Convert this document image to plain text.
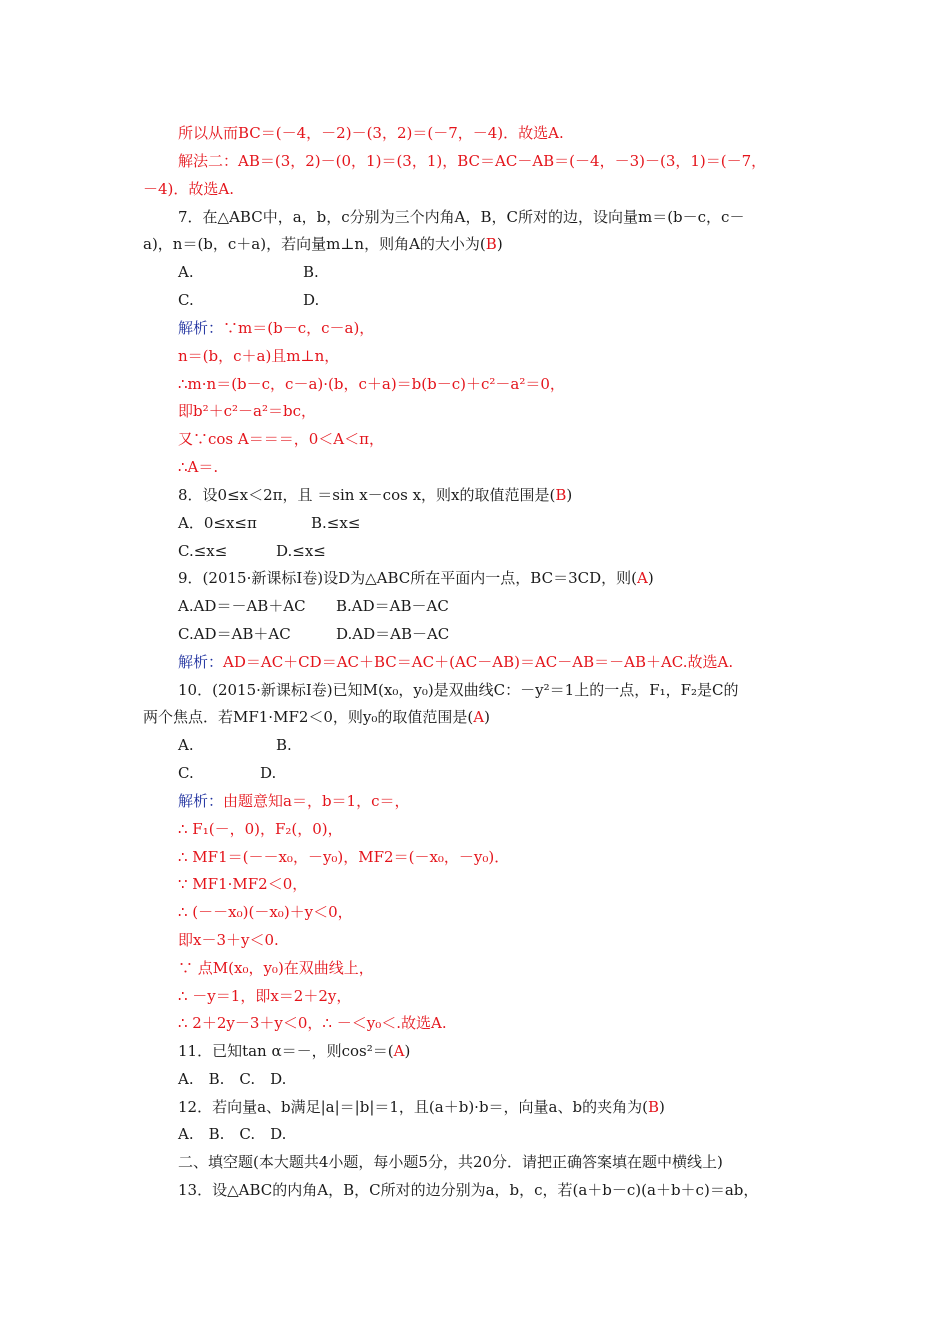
所以从而BC＝(－4，－2)－(3，2)＝(－7，－4)．故选A.
解法二：AB＝(3，2)－(0，1)＝(3，1)，BC＝AC－AB＝(－4，－3)－(3，1)＝(－7，
－4)．故选A.
7．在△ABC中，a，b，c分别为三个内角A，B，C所对的边，设向量m＝(b－c，c－
a)，n＝(b，c＋a)，若向量m⊥n，则角A的大小为(B)
A.	B.
C.	D.
解析：∵m＝(b－c，c－a)，
n＝(b，c＋a)且m⊥n，
∴m·n＝(b－c，c－a)·(b，c＋a)＝b(b－c)＋c²－a²＝0，
即b²＋c²－a²＝bc，
又∵cos A＝＝＝，0＜A＜π，
∴A＝.
8．设0≤x＜2π，且 ＝sin x－cos x，则x的取值范围是(B)
A．0≤x≤π	B.≤x≤
C.≤x≤	D.≤x≤
9．(2015·新课标Ⅰ卷)设D为△ABC所在平面内一点，BC＝3CD，则(A)
A.AD＝－AB＋AC B.AD＝AB－AC
C.AD＝AB＋AC	D.AD＝AB－AC
解析：AD＝AC＋CD＝AC＋BC＝AC＋(AC－AB)＝AC－AB＝－AB＋AC.故选A.
10．(2015·新课标Ⅰ卷)已知M(x₀，y₀)是双曲线C：－y²＝1上的一点，F₁，F₂是C的
两个焦点．若MF1·MF2＜0，则y₀的取值范围是(A)
A.	B.
C.	D.
解析：由题意知a＝，b＝1，c＝，
∴ F₁(－，0)，F₂(，0)，
∴ MF1＝(－－x₀，－y₀)，MF2＝(－x₀，－y₀)．
∵ MF1·MF2＜0，
∴ (－－x₀)(－x₀)＋y＜0，
即x－3＋y＜0.
∵ 点M(x₀，y₀)在双曲线上，
∴ －y＝1，即x＝2＋2y，
∴ 2＋2y－3＋y＜0，∴ －＜y₀＜.故选A.
11．已知tan α＝－，则cos²＝(A)
A.　B.　C.　D.
12．若向量a、b满足|a|＝|b|＝1，且(a＋b)·b＝，向量a、b的夹角为(B)
A.　B.　C.　D.
二、填空题(本大题共4小题，每小题5分，共20分．请把正确答案填在题中横线上)
13．设△ABC的内角A，B，C所对的边分别为a，b，c，若(a＋b－c)(a＋b＋c)＝ab，
